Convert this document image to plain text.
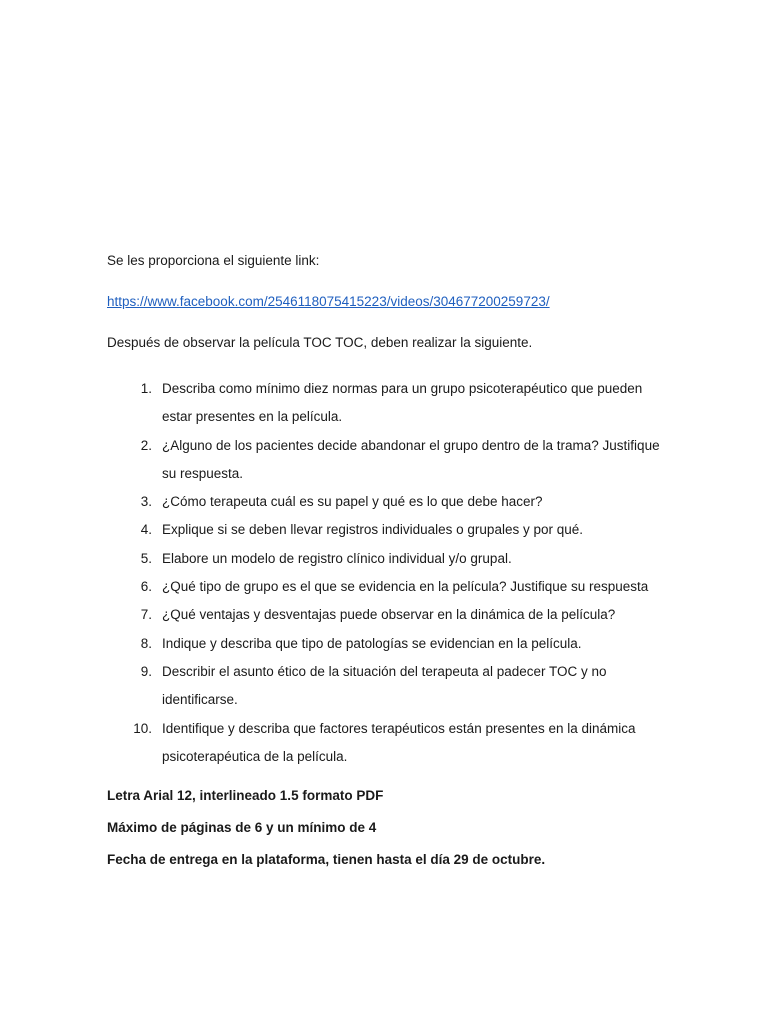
Se les proporciona el siguiente link:

https://www.facebook.com/2546118075415223/videos/304677200259723/

Después de observar la película TOC TOC, deben realizar la siguiente.

1. Describa como mínimo diez normas para un grupo psicoterapéutico que pueden estar presentes en la película.
2. ¿Alguno de los pacientes decide abandonar el grupo dentro de la trama? Justifique su respuesta.
3. ¿Cómo terapeuta cuál es su papel y qué es lo que debe hacer?
4. Explique si se deben llevar registros individuales o grupales y por qué.
5. Elabore un modelo de registro clínico individual y/o grupal.
6. ¿Qué tipo de grupo es el que se evidencia en la película? Justifique su respuesta
7. ¿Qué ventajas y desventajas puede observar en la dinámica de la película?
8. Indique y describa que tipo de patologías se evidencian en la película.
9. Describir el asunto ético de la situación del terapeuta al padecer TOC y no identificarse.
10. Identifique y describa que factores terapéuticos están presentes en la dinámica psicoterapéutica de la película.

Letra Arial 12, interlineado 1.5 formato PDF

Máximo de páginas de 6 y un mínimo de 4

Fecha de entrega en la plataforma, tienen hasta el día 29 de octubre.
